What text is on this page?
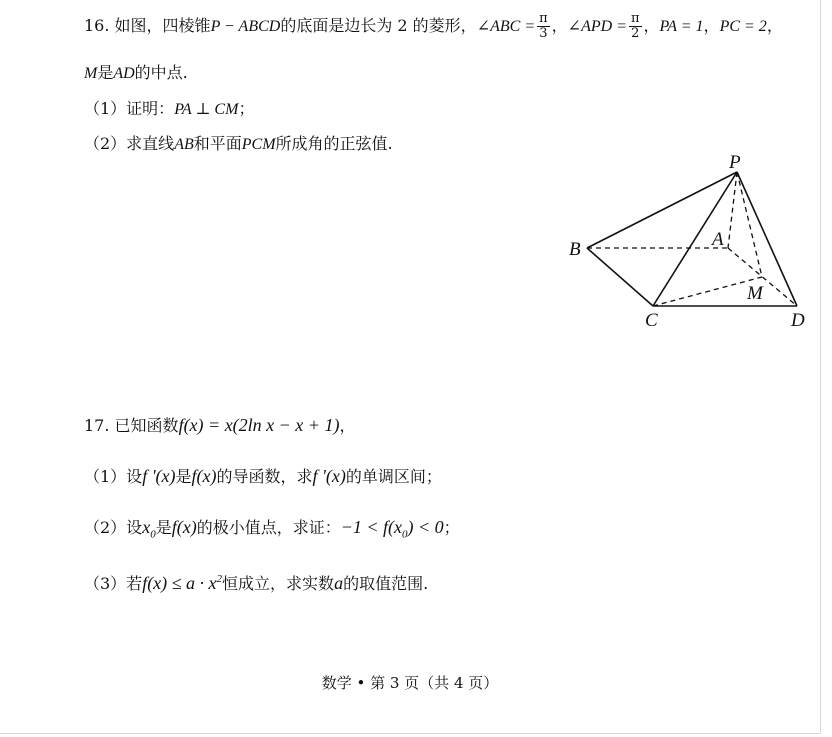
16. 如图，四棱锥P − ABCD的底面是边长为 2 的菱形，∠ABC = $\frac{\pi}{3}$ ，∠APD = $\frac{\pi}{2}$ ，PA = 1，PC = 2，
M是AD的中点.
（1）证明：PA ⊥ CM；
（2）求直线AB和平面PCM所成角的正弦值.
P
A
B
C	D
M
17. 已知函数f(x) = x(2ln x − x + 1)，
（1）设f '(x)是f(x)的导函数，求f '(x)的单调区间；
（2）设$x_0$是f(x)的极小值点，求证：$-1 < f(x_0) < 0$；
（3）若$f(x) \le a \cdot x^2$恒成立，求实数a的取值范围.
数学 • 第 3 页（共 4 页）
